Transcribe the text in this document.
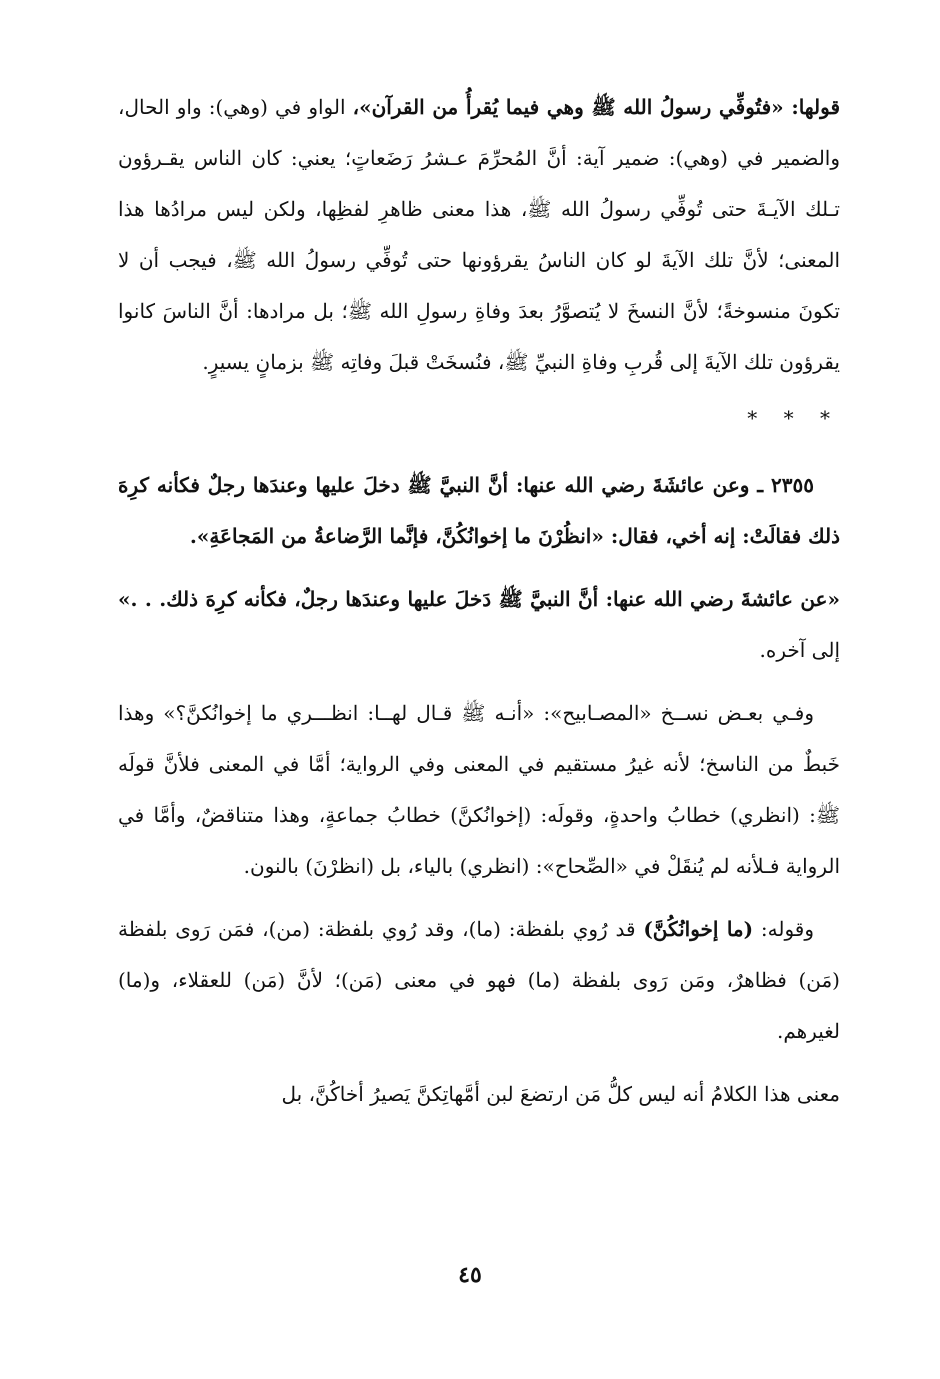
قولها: «فتُوفِّي رسولُ الله ﷺ وهي فيما يُقرأُ من القرآن»، الواو في (وهي): واو الحال، والضمير في (وهي): ضمير آية: أنَّ المُحرِّمَ عـشرُ رَضَعاتٍ؛ يعني: كان الناس يقـرؤون تـلك الآيـةَ حتى تُوفِّي رسولُ الله ﷺ، هذا معنى ظاهرِ لفظِها، ولكن ليس مرادُها هذا المعنى؛ لأنَّ تلك الآيةَ لو كان الناسُ يقرؤونها حتى تُوفِّي رسولُ الله ﷺ، فيجب أن لا تكونَ منسوخةً؛ لأنَّ النسخَ لا يُتصوَّرُ بعدَ وفاةِ رسولِ الله ﷺ؛ بل مرادها: أنَّ الناسَ كانوا يقرؤون تلك الآيةَ إلى قُربِ وفاةِ النبيِّ ﷺ، فنُسخَتْ قبلَ وفاتِه ﷺ بزمانٍ يسيرٍ.

* * *

٢٣٥٥ ـ وعن عائشَةَ رضي الله عنها: أنَّ النبيَّ ﷺ دخلَ عليها وعندَها رجلٌ فكأنه كرِهَ ذلك فقالَتْ: إنه أخي، فقال: «انظُرْنَ ما إخوانُكُنَّ، فإنَّما الرَّضاعةُ من المَجاعَةِ».

«عن عائشةَ رضي الله عنها: أنَّ النبيَّ ﷺ دَخلَ عليها وعندَها رجلٌ، فكأنه كرِهَ ذلك. . .» إلى آخره.

وفـي بعـض نســخ «المصـابيح»: «أنـه ﷺ قـال لهــا: انظـــري ما إخوانُكنَّ؟» وهذا خَبطٌ من الناسخ؛ لأنه غيرُ مستقيم في المعنى وفي الرواية؛ أمَّا في المعنى فلأنَّ قولَه ﷺ: (انظري) خطابُ واحدةٍ، وقولَه: (إخوانُكنَّ) خطابُ جماعةٍ، وهذا متناقضٌ، وأمَّا في الرواية فـلأنه لم يُنقَلْ في «الصِّحاح»: (انظري) بالياء، بل (انظرْنَ) بالنون.

وقوله: (ما إخوانُكُنَّ) قد رُوي بلفظة: (ما)، وقد رُوي بلفظة: (من)، فمَن رَوى بلفظة (مَن) فظاهرٌ، ومَن رَوى بلفظة (ما) فهو في معنى (مَن)؛ لأنَّ (مَن) للعقلاء، و(ما) لغيرهم.

معنى هذا الكلامُ أنه ليس كلُّ مَن ارتضعَ لبن أمَّهاتِكنَّ يَصيرُ أخاكُنَّ، بل

٤٥
